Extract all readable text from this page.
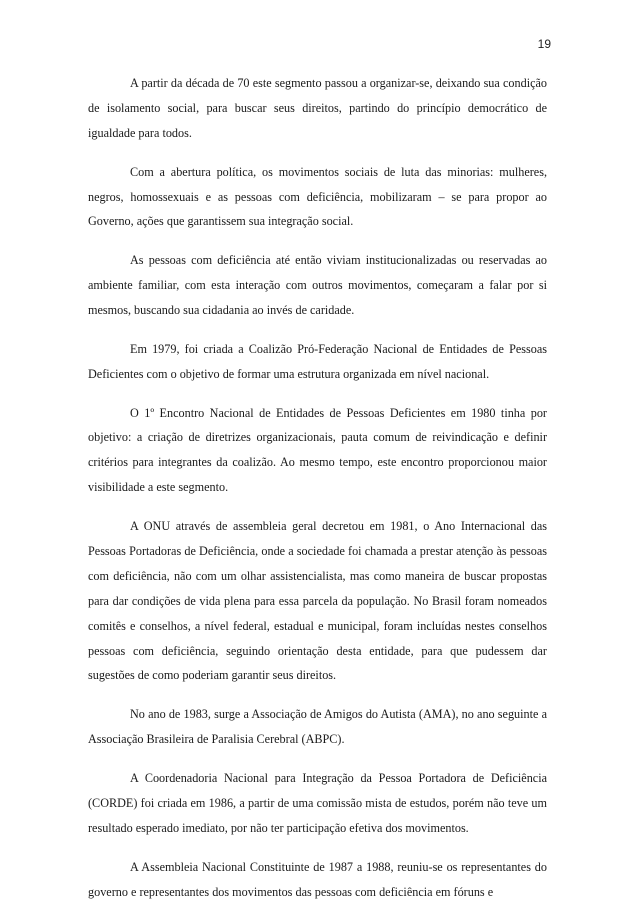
19

A partir da década de 70 este segmento passou a organizar-se, deixando sua condição de isolamento social, para buscar seus direitos, partindo do princípio democrático de igualdade para todos.

Com a abertura política, os movimentos sociais de luta das minorias: mulheres, negros, homossexuais e as pessoas com deficiência, mobilizaram – se para propor ao Governo, ações que garantissem sua integração social.

As pessoas com deficiência até então viviam institucionalizadas ou reservadas ao ambiente familiar, com esta interação com outros movimentos, começaram a falar por si mesmos, buscando sua cidadania ao invés de caridade.

Em 1979, foi criada a Coalizão Pró-Federação Nacional de Entidades de Pessoas Deficientes com o objetivo de formar uma estrutura organizada em nível nacional.

O 1º Encontro Nacional de Entidades de Pessoas Deficientes em 1980 tinha por objetivo: a criação de diretrizes organizacionais, pauta comum de reivindicação e definir critérios para integrantes da coalizão. Ao mesmo tempo, este encontro proporcionou maior visibilidade a este segmento.

A ONU através de assembleia geral decretou em 1981, o Ano Internacional das Pessoas Portadoras de Deficiência, onde a sociedade foi chamada a prestar atenção às pessoas com deficiência, não com um olhar assistencialista, mas como maneira de buscar propostas para dar condições de vida plena para essa parcela da população. No Brasil foram nomeados comitês e conselhos, a nível federal, estadual e municipal, foram incluídas nestes conselhos pessoas com deficiência, seguindo orientação desta entidade, para que pudessem dar sugestões de como poderiam garantir seus direitos.

No ano de 1983, surge a Associação de Amigos do Autista (AMA), no ano seguinte a Associação Brasileira de Paralisia Cerebral (ABPC).

A Coordenadoria Nacional para Integração da Pessoa Portadora de Deficiência (CORDE) foi criada em 1986, a partir de uma comissão mista de estudos, porém não teve um resultado esperado imediato, por não ter participação efetiva dos movimentos.

A Assembleia Nacional Constituinte de 1987 a 1988, reuniu-se os representantes do governo e representantes dos movimentos das pessoas com deficiência em fóruns e
